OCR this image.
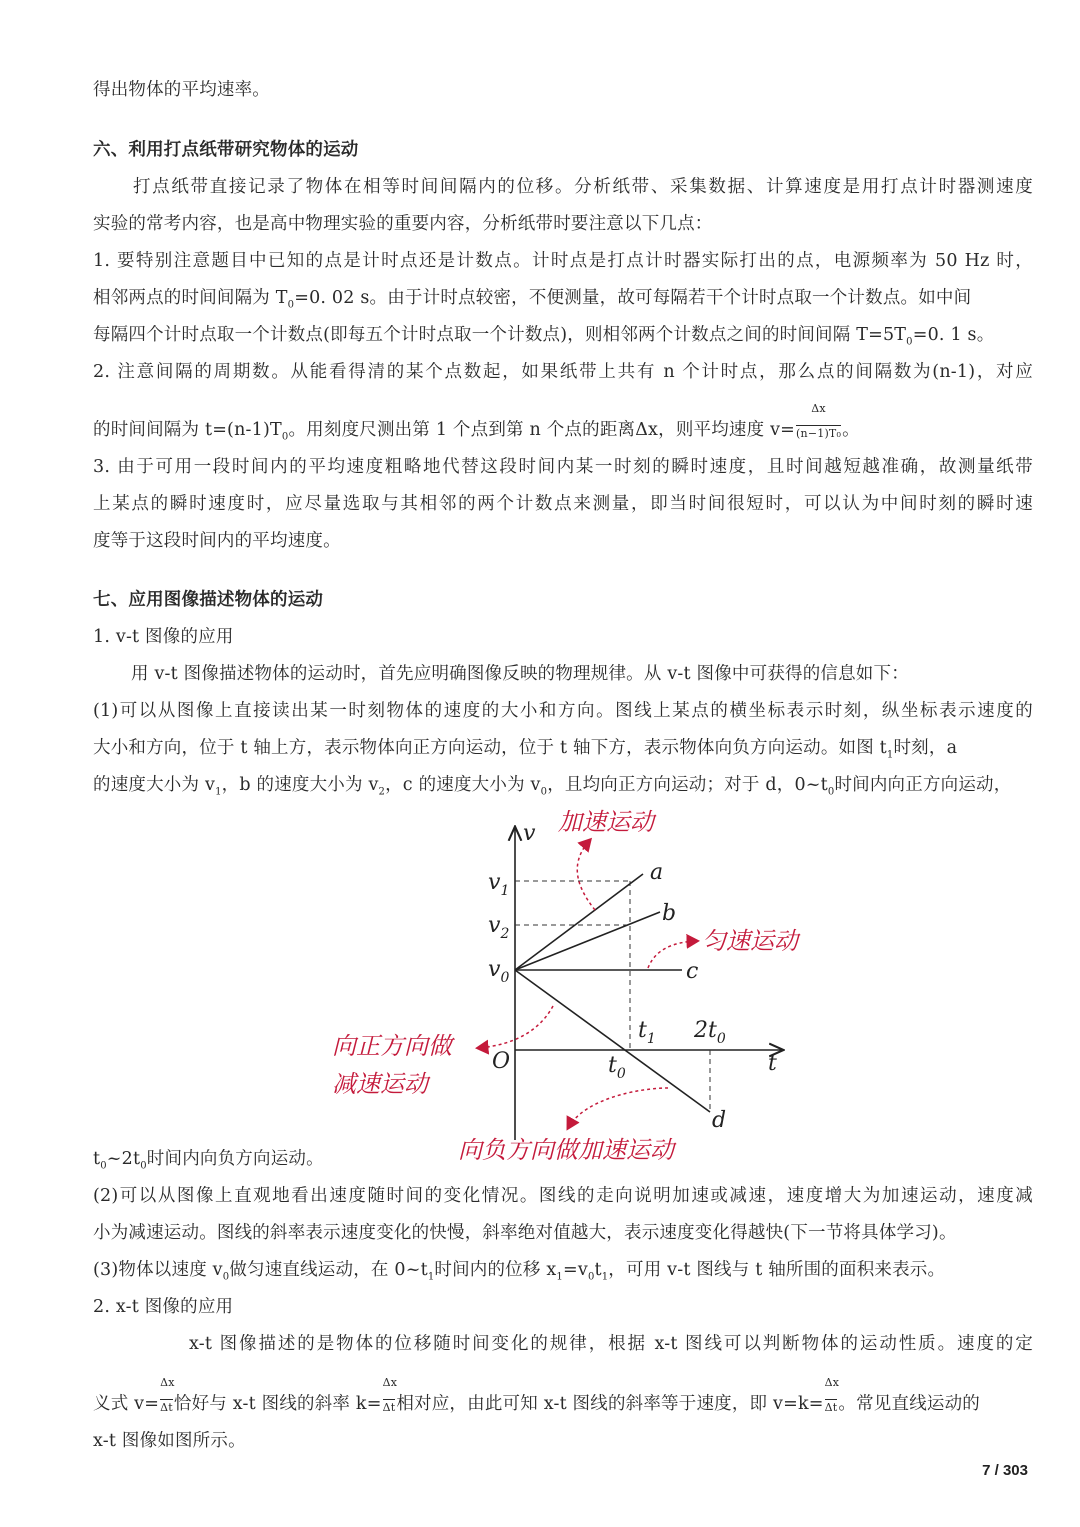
得出物体的平均速率。
六、利用打点纸带研究物体的运动
打点纸带直接记录了物体在相等时间间隔内的位移。分析纸带、采集数据、计算速度是用打点计时器测速度
实验的常考内容，也是高中物理实验的重要内容，分析纸带时要注意以下几点：
1. 要特别注意题目中已知的点是计时点还是计数点。计时点是打点计时器实际打出的点，电源频率为 50 Hz 时，
相邻两点的时间间隔为 $T_0=0$. 02 s。由于计时点较密，不便测量，故可每隔若干个计时点取一个计数点。如中间
每隔四个计时点取一个计数点(即每五个计时点取一个计数点)，则相邻两个计数点之间的时间间隔 $T=5T_0=0$. 1 s。
2. 注意间隔的周期数。从能看得清的某个点数起，如果纸带上共有 n 个计时点，那么点的间隔数为(n-1)，对应
的时间间隔为 $t=(n-1)T_0$。用刻度尺测出第 1 个点到第 n 个点的距离Δx，则平均速度 $v= \frac{\Delta x}{\text{(n−1)T₀}}$ 。
3. 由于可用一段时间内的平均速度粗略地代替这段时间内某一时刻的瞬时速度，且时间越短越准确，故测量纸带
上某点的瞬时速度时，应尽量选取与其相邻的两个计数点来测量，即当时间很短时，可以认为中间时刻的瞬时速
度等于这段时间内的平均速度。
七、应用图像描述物体的运动
1. v-t 图像的应用
用 v-t 图像描述物体的运动时，首先应明确图像反映的物理规律。从 v-t 图像中可获得的信息如下：
(1)可以从图像上直接读出某一时刻物体的速度的大小和方向。图线上某点的横坐标表示时刻，纵坐标表示速度的
大小和方向，位于 t 轴上方，表示物体向正方向运动，位于 t 轴下方，表示物体向负方向运动。如图 $t_1$时刻，a
的速度大小为 $v_1$，b 的速度大小为 $v_2$，c 的速度大小为 $v_0$，且均向正方向运动；对于 d，$0\sim t_0$时间内向正方向运动，
v
t
O
$v_1$
$v_2$
$v_0$
$t_1$ $2t_0$
$t_0$
a
b
c
d
加速运动
匀速运动
向正方向做
减速运动
向负方向做加速运动
$t_0\sim 2t_0$时间内向负方向运动。
(2)可以从图像上直观地看出速度随时间的变化情况。图线的走向说明加速或减速，速度增大为加速运动，速度减
小为减速运动。图线的斜率表示速度变化的快慢，斜率绝对值越大，表示速度变化得越快(下一节将具体学习)。
(3)物体以速度 $v_0$做匀速直线运动，在 $0\sim t_1$时间内的位移 $x_1=v_0t_1$，可用 v-t 图线与 t 轴所围的面积来表示。
2. x-t 图像的应用
x-t 图像描述的是物体的位移随时间变化的规律，根据 x-t 图线可以判断物体的运动性质。速度的定
义式 $v= \frac{\Delta x}{\Delta t}$ 恰好与 x-t 图线的斜率 $k= \frac{\Delta x}{\Delta t}$ 相对应，由此可知 x-t 图线的斜率等于速度，即 $v=k= \frac{\Delta x}{\Delta t}$ 。常见直线运动的
x-t 图像如图所示。
7 / 303
